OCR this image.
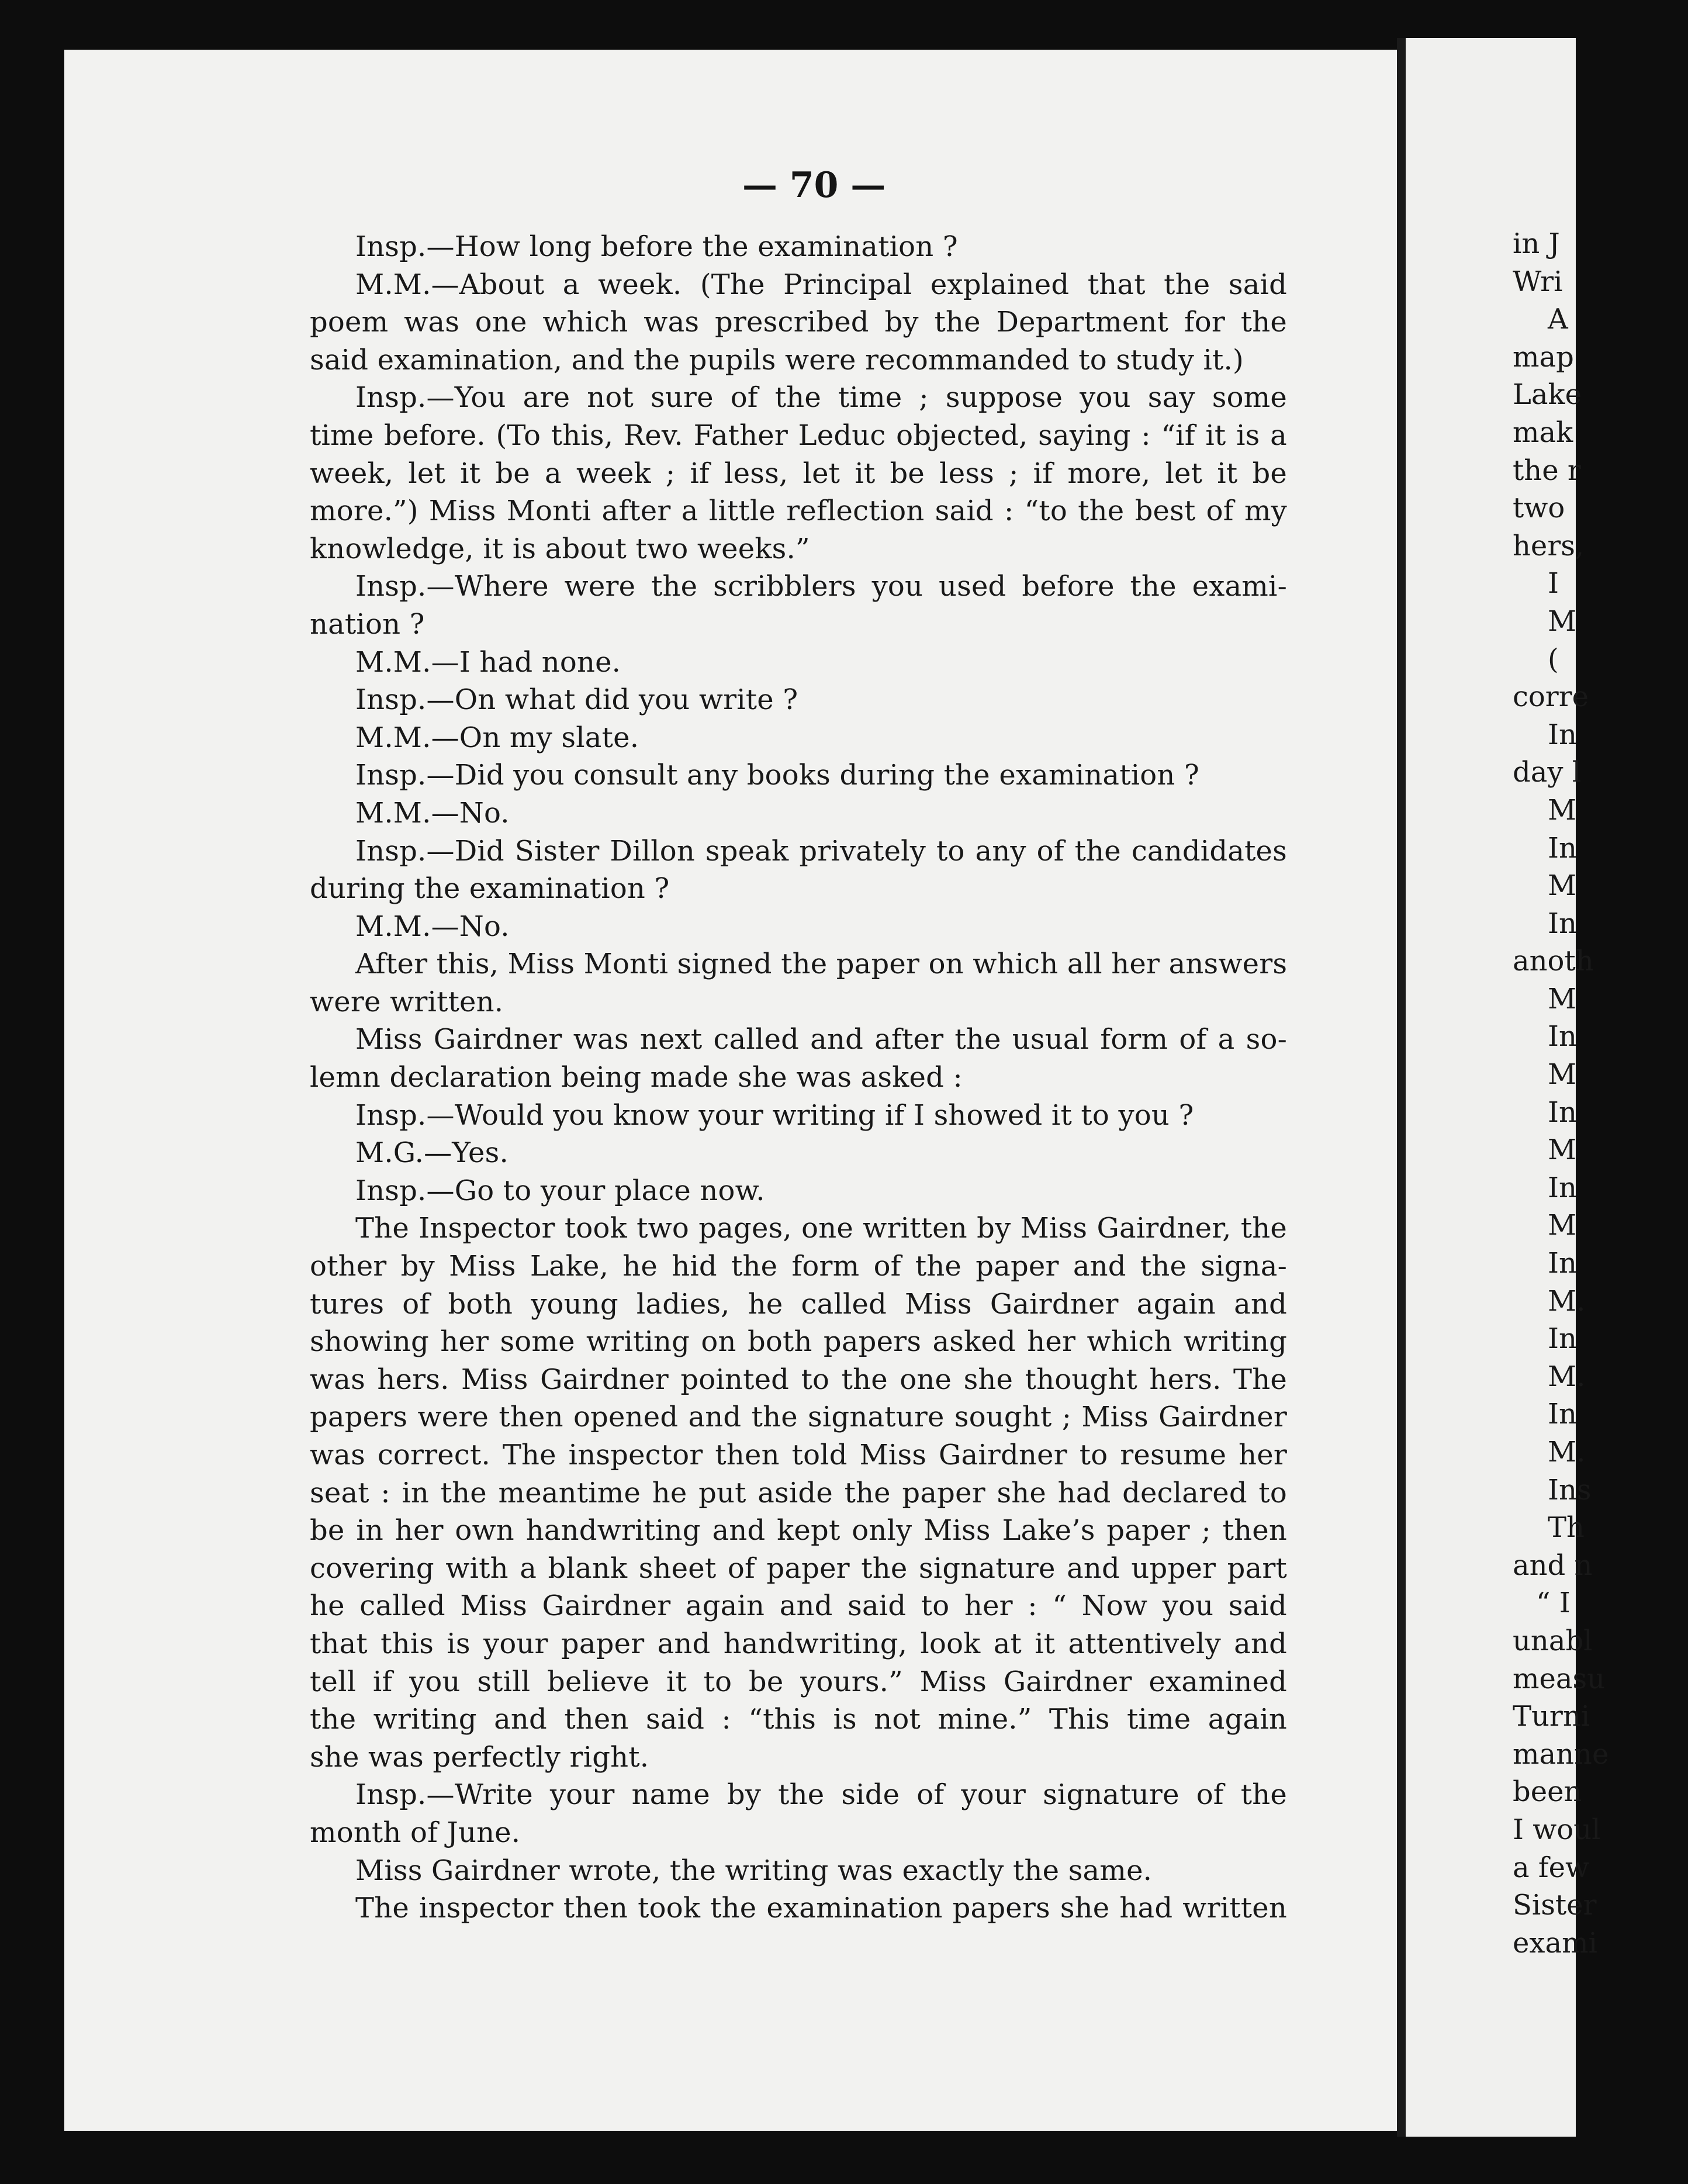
— 70 —
Insp.—How long before the examination ?
M.M.—About a week. (The Principal explained that the said
poem was one which was prescribed by the Department for the
said examination, and the pupils were recommanded to study it.)
Insp.—You are not sure of the time ; suppose you say some
time before. (To this, Rev. Father Leduc objected, saying : “if it is a
week, let it be a week ; if less, let it be less ; if more, let it be
more.”) Miss Monti after a little reflection said : “to the best of my
knowledge, it is about two weeks.”
Insp.—Where were the scribblers you used before the exami-
nation ?
M.M.—I had none.
Insp.—On what did you write ?
M.M.—On my slate.
Insp.—Did you consult any books during the examination ?
M.M.—No.
Insp.—Did Sister Dillon speak privately to any of the candidates
during the examination ?
M.M.—No.
After this, Miss Monti signed the paper on which all her answers
were written.
Miss Gairdner was next called and after the usual form of a so-
lemn declaration being made she was asked :
Insp.—Would you know your writing if I showed it to you ?
M.G.—Yes.
Insp.—Go to your place now.
The Inspector took two pages, one written by Miss Gairdner, the
other by Miss Lake, he hid the form of the paper and the signa-
tures of both young ladies, he called Miss Gairdner again and
showing her some writing on both papers asked her which writing
was hers. Miss Gairdner pointed to the one she thought hers. The
papers were then opened and the signature sought ; Miss Gairdner
was correct. The inspector then told Miss Gairdner to resume her
seat : in the meantime he put aside the paper she had declared to
be in her own handwriting and kept only Miss Lake’s paper ; then
covering with a blank sheet of paper the signature and upper part
he called Miss Gairdner again and said to her : “ Now you said
that this is your paper and handwriting, look at it attentively and
tell if you still believe it to be yours.” Miss Gairdner examined
the writing and then said : “this is not mine.” This time again
she was perfectly right.
Insp.—Write your name by the side of your signature of the
month of June.
Miss Gairdner wrote, the writing was exactly the same.
The inspector then took the examination papers she had written
in J
Wri
A
map
Lake
mak
the r
two
hers,
I
M
(
corre
In
day l
M
In
M
In
anoth
M
In
M
In
M
In
M
In
M.
In
M.
In
M.
Ins
Th
and n
“ I
unabl
measu
Turni
manne
been
I woul
a few
Sister
exami
